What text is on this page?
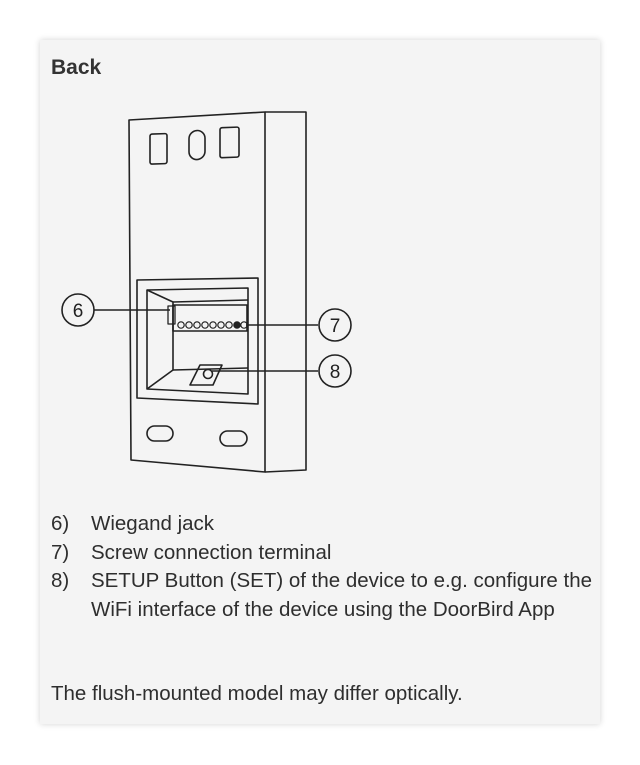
Back
6
7
8
6)	Wiegand jack
7)	Screw connection terminal
8)	SETUP Button (SET) of the device to e.g. configure the WiFi interface of the device using the DoorBird App

The flush-mounted model may differ optically.
